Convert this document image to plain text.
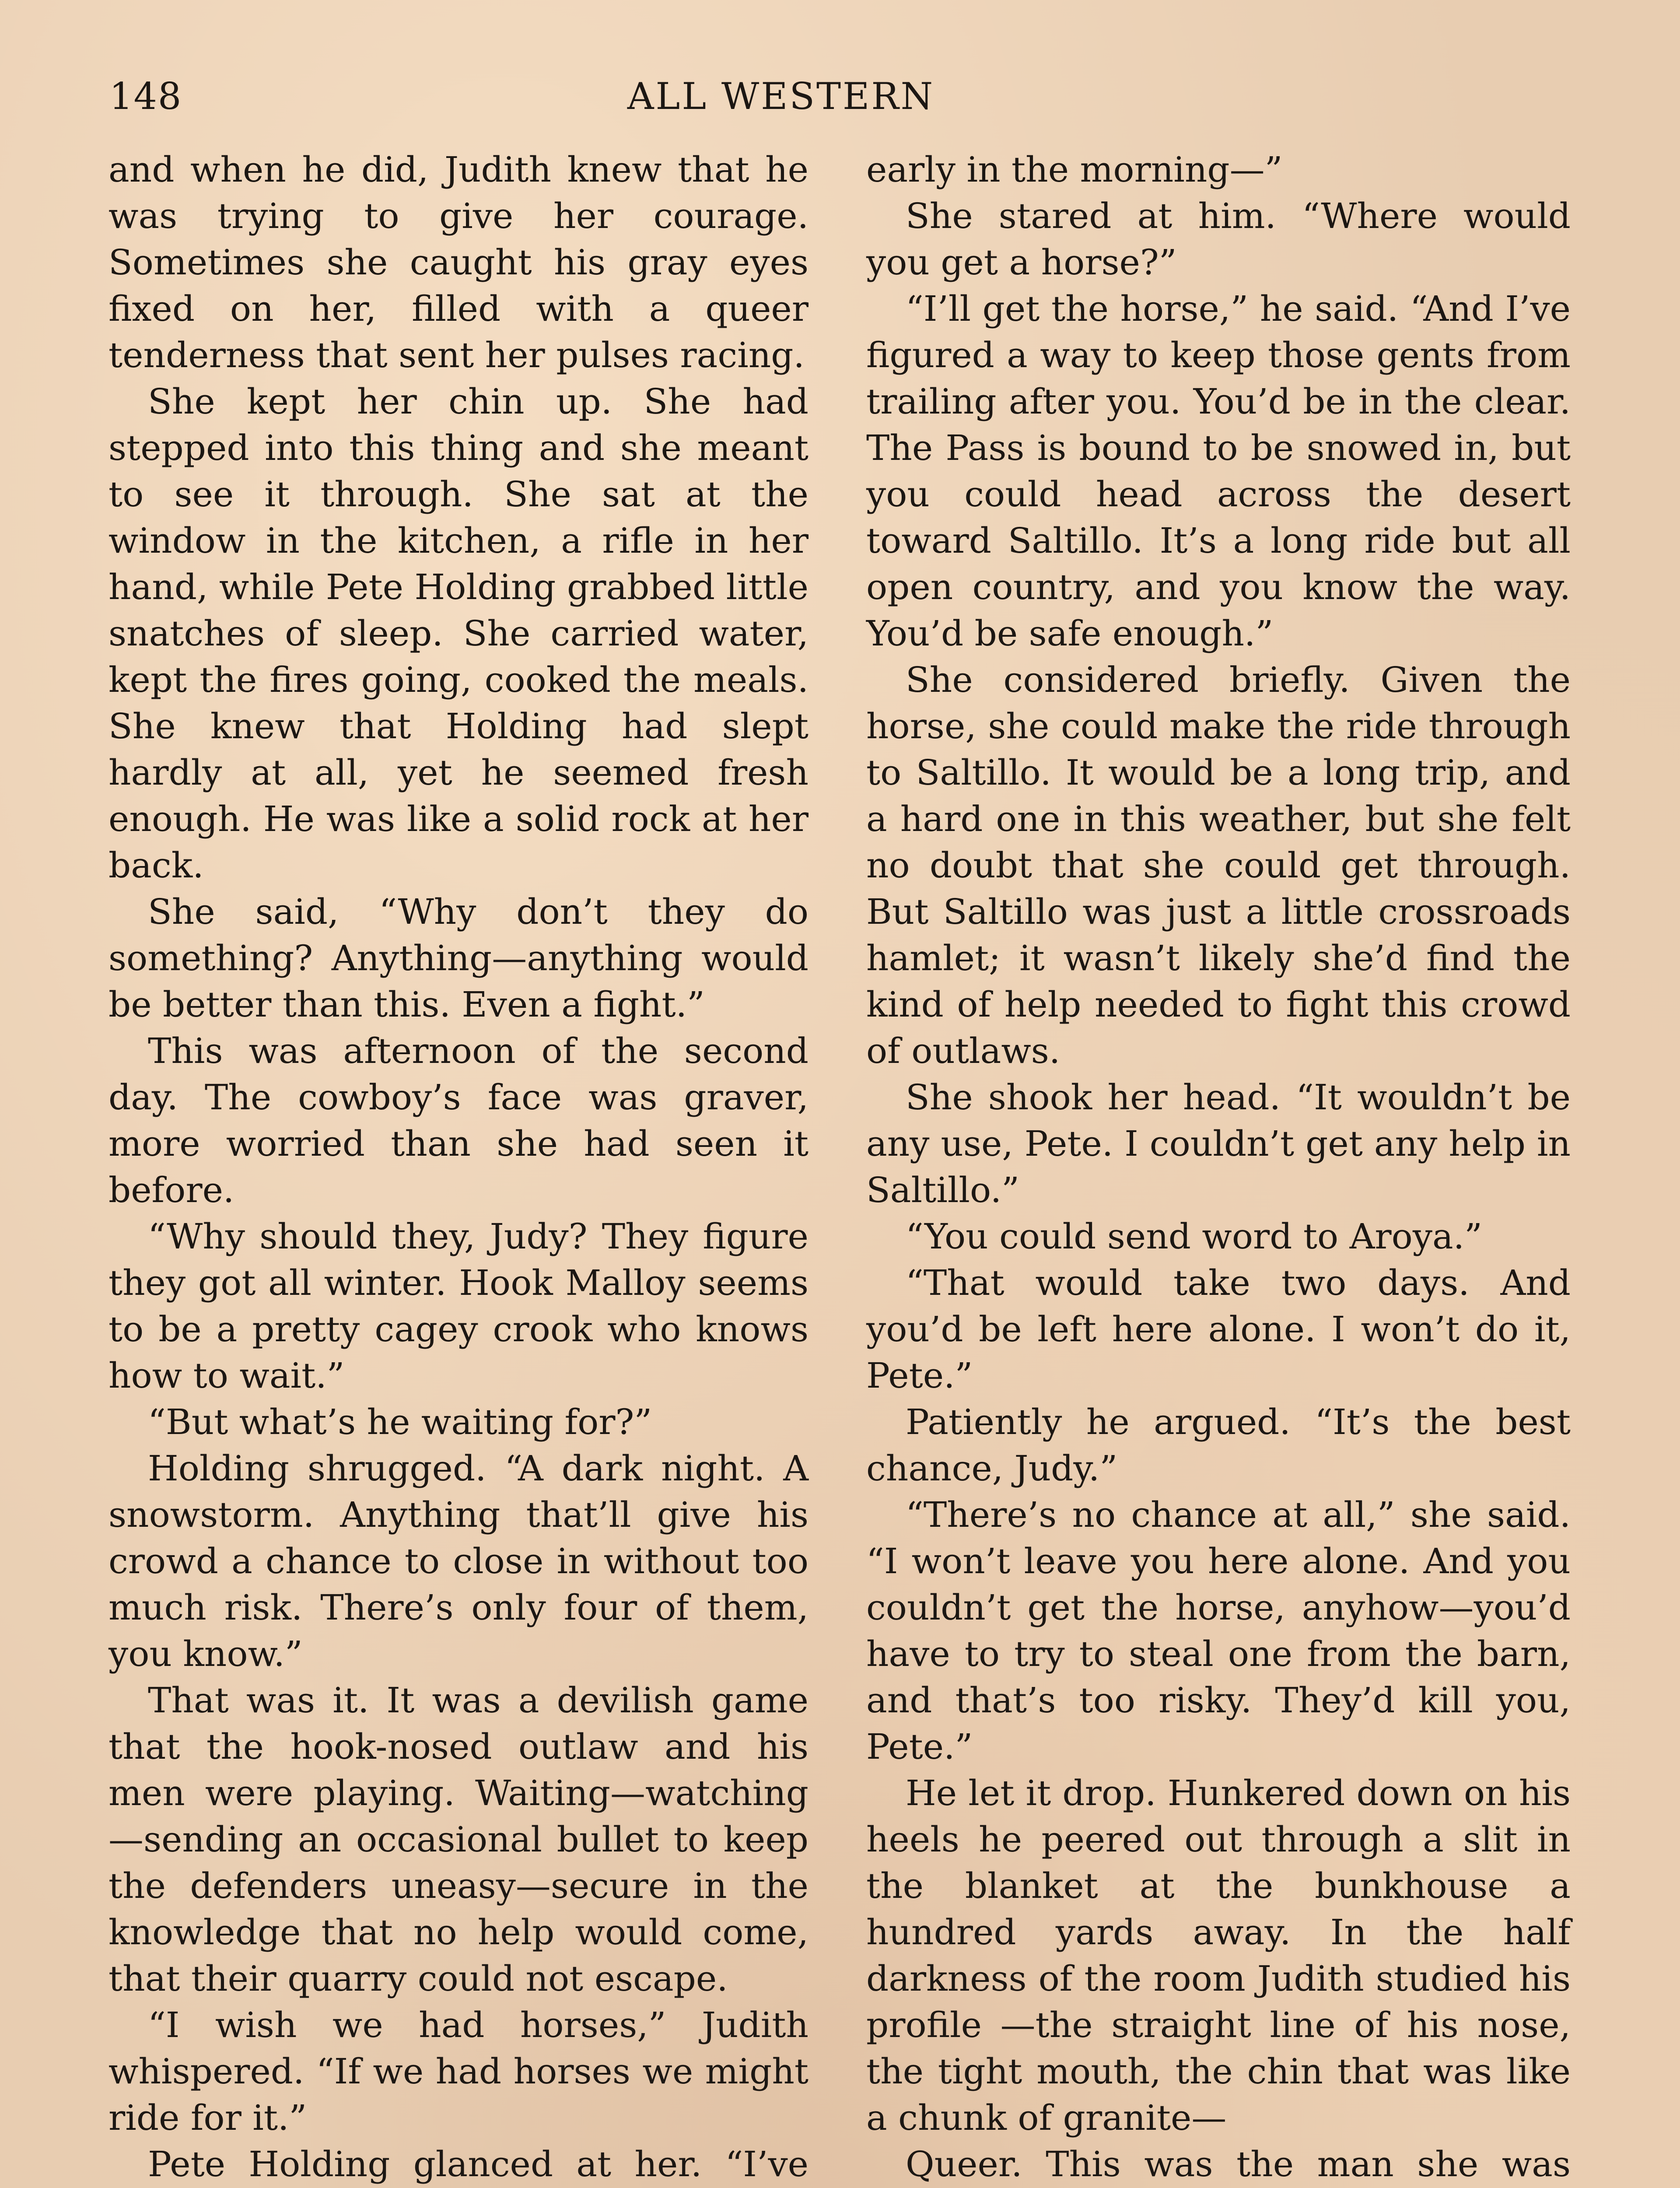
148	ALL WESTERN

and when he did, Judith knew that he was trying to give her courage. Sometimes she caught his gray eyes fixed on her, filled with a queer tenderness that sent her pulses racing.

She kept her chin up. She had stepped into this thing and she meant to see it through. She sat at the window in the kitchen, a rifle in her hand, while Pete Holding grabbed little snatches of sleep. She carried water, kept the fires going, cooked the meals. She knew that Holding had slept hardly at all, yet he seemed fresh enough. He was like a solid rock at her back.

She said, “Why don’t they do something? Anything—anything would be better than this. Even a fight.”

This was afternoon of the second day. The cowboy’s face was graver, more worried than she had seen it before.

“Why should they, Judy? They figure they got all winter. Hook Malloy seems to be a pretty cagey crook who knows how to wait.”

“But what’s he waiting for?”

Holding shrugged. “A dark night. A snowstorm. Anything that’ll give his crowd a chance to close in without too much risk. There’s only four of them, you know.”

That was it. It was a devilish game that the hook-nosed outlaw and his men were playing. Waiting—watching —sending an occasional bullet to keep the defenders uneasy—secure in the knowledge that no help would come, that their quarry could not escape.

“I wish we had horses,” Judith whispered. “If we had horses we might ride for it.”

Pete Holding glanced at her. “I’ve

early in the morning—”

She stared at him. “Where would you get a horse?”

“I’ll get the horse,” he said. “And I’ve figured a way to keep those gents from trailing after you. You’d be in the clear. The Pass is bound to be snowed in, but you could head across the desert toward Saltillo. It’s a long ride but all open country, and you know the way. You’d be safe enough.”

She considered briefly. Given the horse, she could make the ride through to Saltillo. It would be a long trip, and a hard one in this weather, but she felt no doubt that she could get through. But Saltillo was just a little crossroads hamlet; it wasn’t likely she’d find the kind of help needed to fight this crowd of outlaws.

She shook her head. “It wouldn’t be any use, Pete. I couldn’t get any help in Saltillo.”

“You could send word to Aroya.”

“That would take two days. And you’d be left here alone. I won’t do it, Pete.”

Patiently he argued. “It’s the best chance, Judy.”

“There’s no chance at all,” she said. “I won’t leave you here alone. And you couldn’t get the horse, anyhow—you’d have to try to steal one from the barn, and that’s too risky. They’d kill you, Pete.”

He let it drop. Hunkered down on his heels he peered out through a slit in the blanket at the bunkhouse a hundred yards away. In the half darkness of the room Judith studied his profile —the straight line of his nose, the tight mouth, the chin that was like a chunk of granite—

Queer. This was the man she was
